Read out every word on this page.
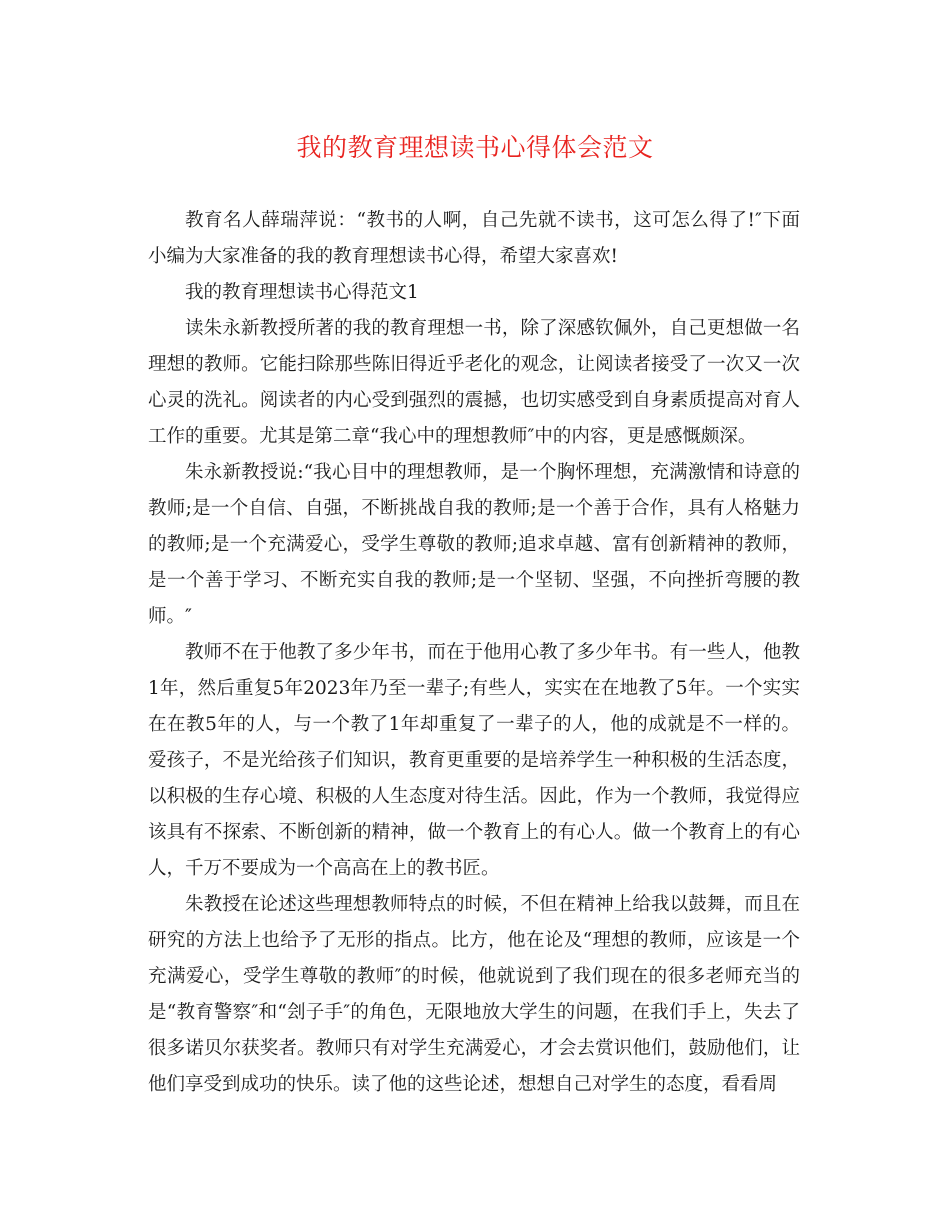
我的教育理想读书心得体会范文

教育名人薛瑞萍说：“教书的人啊，自己先就不读书，这可怎么得了!″下面小编为大家准备的我的教育理想读书心得，希望大家喜欢!

我的教育理想读书心得范文1

读朱永新教授所著的我的教育理想一书，除了深感钦佩外，自己更想做一名理想的教师。它能扫除那些陈旧得近乎老化的观念，让阅读者接受了一次又一次心灵的洗礼。阅读者的内心受到强烈的震撼，也切实感受到自身素质提高对育人工作的重要。尤其是第二章“我心中的理想教师″中的内容，更是感慨颇深。

朱永新教授说:“我心目中的理想教师，是一个胸怀理想，充满激情和诗意的教师;是一个自信、自强，不断挑战自我的教师;是一个善于合作，具有人格魅力的教师;是一个充满爱心，受学生尊敬的教师;追求卓越、富有创新精神的教师，是一个善于学习、不断充实自我的教师;是一个坚韧、坚强，不向挫折弯腰的教师。″

教师不在于他教了多少年书，而在于他用心教了多少年书。有一些人，他教1年，然后重复5年2023年乃至一辈子;有些人，实实在在地教了5年。一个实实在在教5年的人，与一个教了1年却重复了一辈子的人，他的成就是不一样的。爱孩子，不是光给孩子们知识，教育更重要的是培养学生一种积极的生活态度，以积极的生存心境、积极的人生态度对待生活。因此，作为一个教师，我觉得应该具有不探索、不断创新的精神，做一个教育上的有心人。做一个教育上的有心人，千万不要成为一个高高在上的教书匠。

朱教授在论述这些理想教师特点的时候，不但在精神上给我以鼓舞，而且在研究的方法上也给予了无形的指点。比方，他在论及“理想的教师，应该是一个充满爱心，受学生尊敬的教师″的时候，他就说到了我们现在的很多老师充当的是“教育警察″和“刽子手″的角色，无限地放大学生的问题，在我们手上，失去了很多诺贝尔获奖者。教师只有对学生充满爱心，才会去赏识他们，鼓励他们，让他们享受到成功的快乐。读了他的这些论述，想想自己对学生的态度，看看周
